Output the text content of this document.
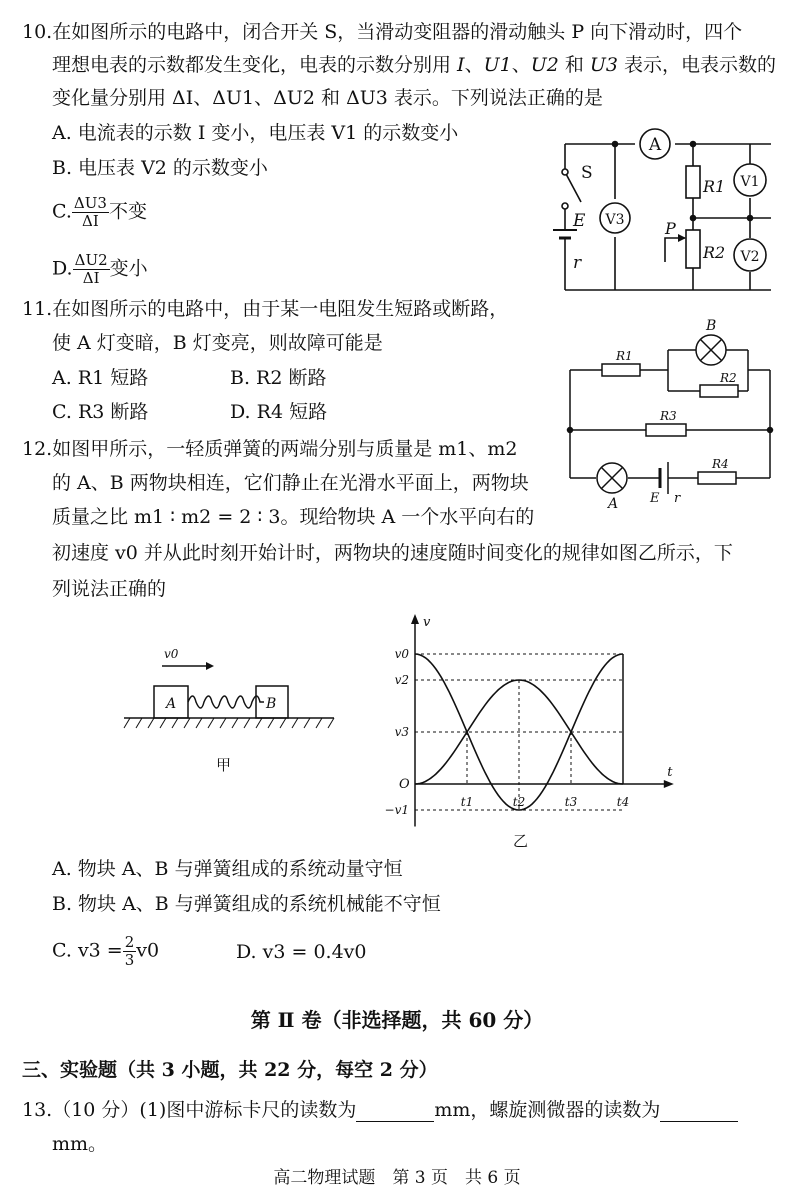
10.在如图所示的电路中，闭合开关 S，当滑动变阻器的滑动触头 P 向下滑动时，四个
理想电表的示数都发生变化，电表的示数分别用 I、U1、U2 和 U3 表示，电表示数的
变化量分别用 ΔI、ΔU1、ΔU2 和 ΔU3 表示。下列说法正确的是
A. 电流表的示数 I 变小，电压表 V1 的示数变小
B. 电压表 V2 的示数变小
C. $\frac{\Delta U3}{\Delta I}$ 不变
D. $\frac{\Delta U2}{\Delta I}$ 变小
A
S
E
r
V3
R1
P
R2
V1
V2
11.在如图所示的电路中，由于某一电阻发生短路或断路，
使 A 灯变暗，B 灯变亮，则故障可能是
A. R1 短路	B. R2 断路
C. R3 断路	D. R4 短路
B
R1
R2
R3
R4
A E r
12.如图甲所示，一轻质弹簧的两端分别与质量是 m1、m2
的 A、B 两物块相连，它们静止在光滑水平面上，两物块
质量之比 m1 ∶ m2 = 2 ∶ 3。现给物块 A 一个水平向右的
初速度 v0 并从此时刻开始计时，两物块的速度随时间变化的规律如图乙所示，下
列说法正确的
v0
A	B
甲
v
t
O
v0
v2
v3
−v1
t1	t2	t3	t4
乙
A. 物块 A、B 与弹簧组成的系统动量守恒
B. 物块 A、B 与弹簧组成的系统机械能不守恒
C. $v3 = \frac{2}{3} v0$	D. v3 = 0.4v0
第 Ⅱ 卷（非选择题，共 60 分）
三、实验题（共 3 小题，共 22 分，每空 2 分）
13.（10 分）(1)图中游标卡尺的读数为	mm，螺旋测微器的读数为
mm。
高二物理试题　第 3 页　共 6 页
